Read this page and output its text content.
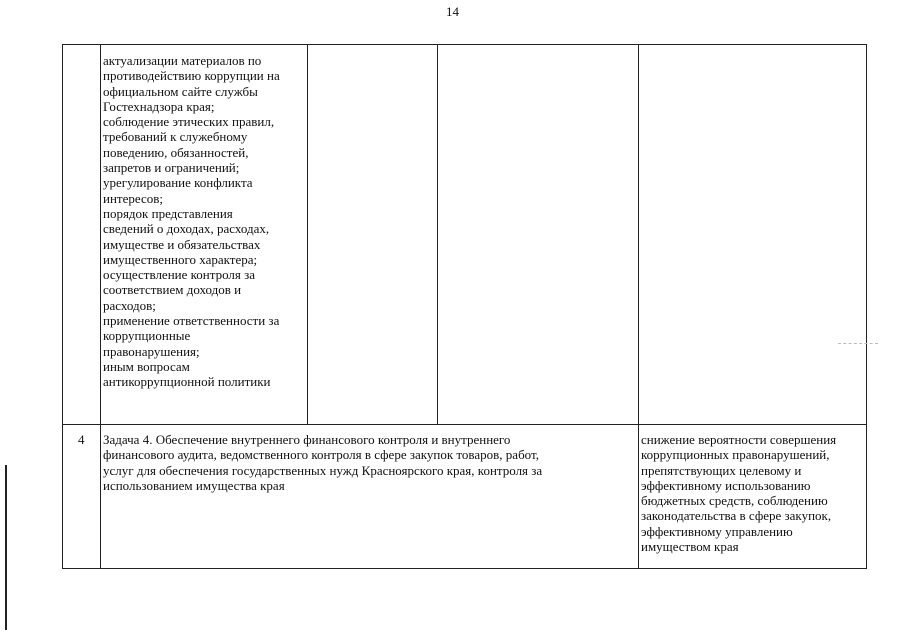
14
актуализации материалов по
противодействию коррупции на
официальном сайте службы
Гостехнадзора края;
соблюдение этических правил,
требований к служебному
поведению, обязанностей,
запретов и ограничений;
урегулирование конфликта
интересов;
порядок представления
сведений о доходах, расходах,
имуществе и обязательствах
имущественного характера;
осуществление контроля за
соответствием доходов и
расходов;
применение ответственности за
коррупционные
правонарушения;
иным вопросам
антикоррупционной политики
4 Задача 4. Обеспечение внутреннего финансового контроля и внутреннего
финансового аудита, ведомственного контроля в сфере закупок товаров, работ,
услуг для обеспечения государственных нужд Красноярского края, контроля за
использованием имущества края
снижение вероятности совершения
коррупционных правонарушений,
препятствующих целевому и
эффективному использованию
бюджетных средств, соблюдению
законодательства в сфере закупок,
эффективному управлению
имуществом края
